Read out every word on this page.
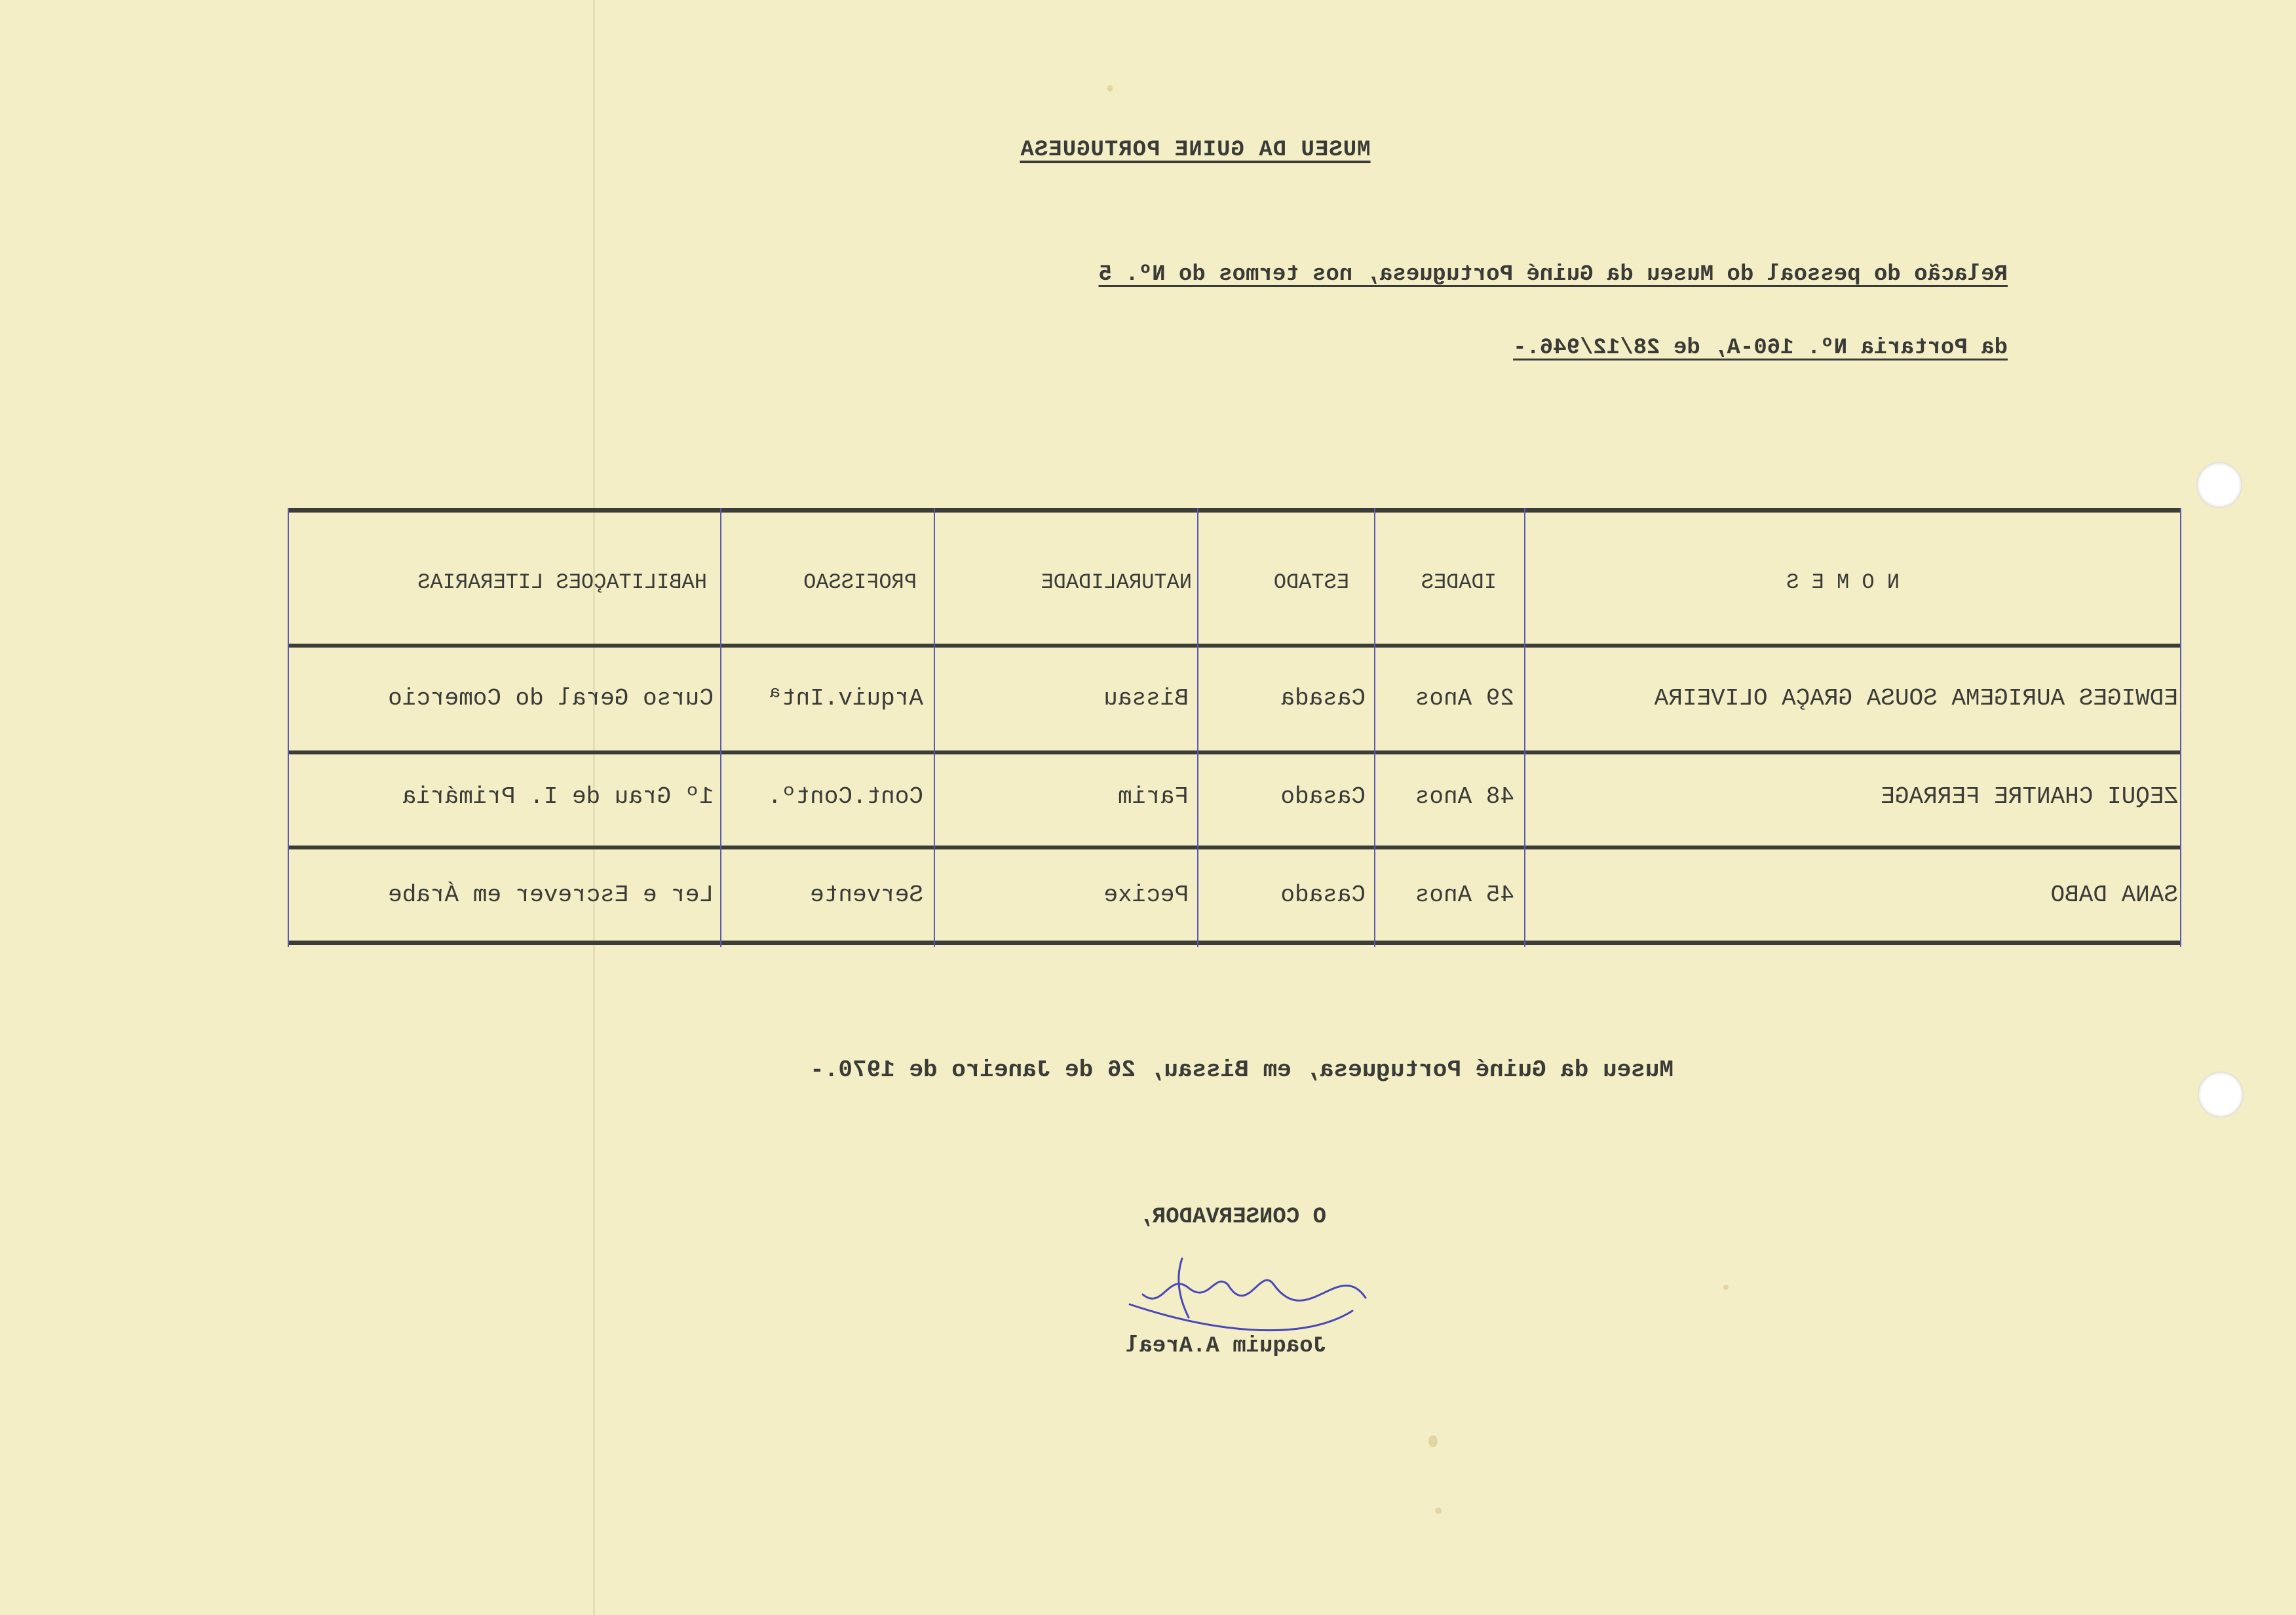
MUSEU DA GUINE PORTUGUESA
Relacão do pessoal do Museu da Guiné Portuguesa, nos termos do Nº. 5
da Portaria Nº. 160-A, de 28/12/946.-
N O M E S
IDADES
ESTADO
NATURALIDADE
PROFISSAO
HABILITAÇOES LITERARIAS
EDWIGES AURIGEMA SOUSA GRAÇA OLIVEIRA
29 Anos
Casada
Bissau
Arquiv.Intª
Curso Geral do Comercio
ZEQUI CHANTRE FERRAGE
48 Anos
Casado
Farim
Cont.Contº.
1º Grau de I. Primária
SANA DABO
45 Anos
Casado
Pecixe
Servente
Ler e Escrever em Árabe
Museu da Guiné Portuguesa, em Bissau, 26 de Janeiro de 1970.-
O CONSERVADOR,
Joaquim A.Areal
